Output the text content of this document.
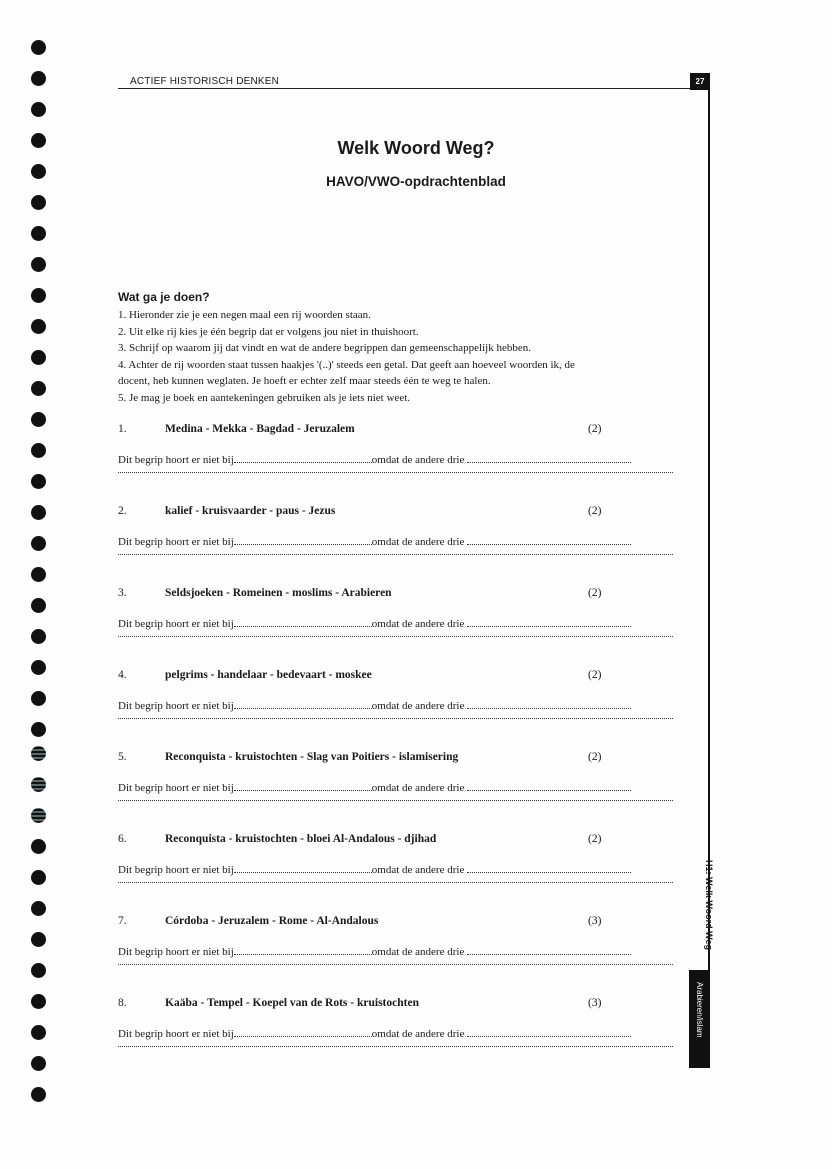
ACTIEF HISTORISCH DENKEN	27
H1: Welk Woord Weg
Arabieren/islam
Welk Woord Weg?
HAVO/VWO-opdrachtenblad
Wat ga je doen?
1. Hieronder zie je een negen maal een rij woorden staan.
2. Uit elke rij kies je één begrip dat er volgens jou niet in thuishoort.
3. Schrijf op waarom jij dat vindt en wat de andere begrippen dan gemeenschappelijk hebben.
4. Achter de rij woorden staat tussen haakjes '(..)' steeds een getal. Dat geeft aan hoeveel woorden ik, de
docent, heb kunnen weglaten. Je hoeft er echter zelf maar steeds één te weg te halen.
5. Je mag je boek en aantekeningen gebruiken als je iets niet weet.
1.	Medina - Mekka - Bagdad - Jeruzalem	(2)
Dit begrip hoort er niet bij	omdat de andere drie
2.	kalief - kruisvaarder - paus - Jezus	(2)
Dit begrip hoort er niet bij	omdat de andere drie
3.	Seldsjoeken - Romeinen - moslims - Arabieren	(2)
Dit begrip hoort er niet bij	omdat de andere drie
4.	pelgrims - handelaar - bedevaart - moskee	(2)
Dit begrip hoort er niet bij	omdat de andere drie
5.	Reconquista - kruistochten - Slag van Poitiers - islamisering	(2)
Dit begrip hoort er niet bij	omdat de andere drie
6.	Reconquista - kruistochten - bloei Al-Andalous - djihad	(2)
Dit begrip hoort er niet bij	omdat de andere drie
7.	Córdoba - Jeruzalem - Rome - Al-Andalous	(3)
Dit begrip hoort er niet bij	omdat de andere drie
8.	Kaäba - Tempel - Koepel van de Rots - kruistochten	(3)
Dit begrip hoort er niet bij	omdat de andere drie
